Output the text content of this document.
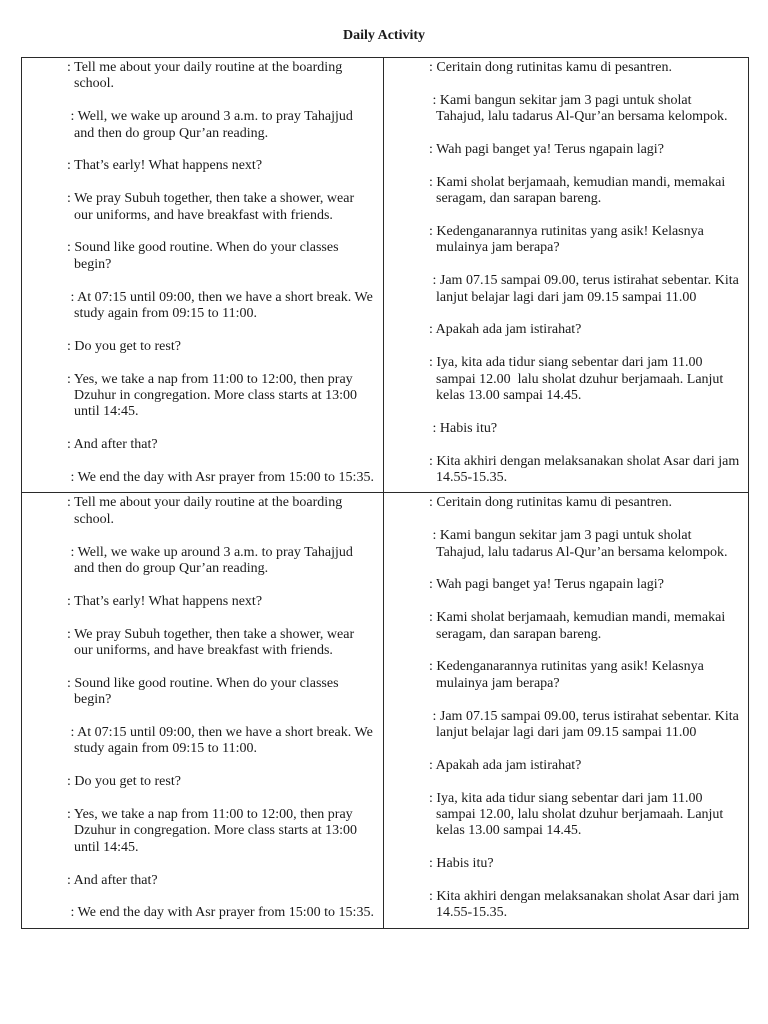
Daily Activity

: Tell me about your daily routine at the boarding school.

: Well, we wake up around 3 a.m. to pray Tahajjud and then do group Qur’an reading.

: That’s early! What happens next?

: We pray Subuh together, then take a shower, wear our uniforms, and have breakfast with friends.

: Sound like good routine. When do your classes begin?

: At 07:15 until 09:00, then we have a short break. We study again from 09:15 to 11:00.

: Do you get to rest?

: Yes, we take a nap from 11:00 to 12:00, then pray Dzuhur in congregation. More class starts at 13:00 until 14:45.

: And after that?

: We end the day with Asr prayer from 15:00 to 15:35.

: Ceritain dong rutinitas kamu di pesantren.

: Kami bangun sekitar jam 3 pagi untuk sholat Tahajud, lalu tadarus Al-Qur’an bersama kelompok.

: Wah pagi banget ya! Terus ngapain lagi?

: Kami sholat berjamaah, kemudian mandi, memakai seragam, dan sarapan bareng.

: Kedenganarannya rutinitas yang asik! Kelasnya mulainya jam berapa?

: Jam 07.15 sampai 09.00, terus istirahat sebentar. Kita lanjut belajar lagi dari jam 09.15 sampai 11.00

: Apakah ada jam istirahat?

: Iya, kita ada tidur siang sebentar dari jam 11.00 sampai 12.00  lalu sholat dzuhur berjamaah. Lanjut kelas 13.00 sampai 14.45.

: Habis itu?

: Kita akhiri dengan melaksanakan sholat Asar dari jam 14.55-15.35.

: Tell me about your daily routine at the boarding school.

: Well, we wake up around 3 a.m. to pray Tahajjud and then do group Qur’an reading.

: That’s early! What happens next?

: We pray Subuh together, then take a shower, wear our uniforms, and have breakfast with friends.

: Sound like good routine. When do your classes begin?

: At 07:15 until 09:00, then we have a short break. We study again from 09:15 to 11:00.

: Do you get to rest?

: Yes, we take a nap from 11:00 to 12:00, then pray Dzuhur in congregation. More class starts at 13:00 until 14:45.

: And after that?

: We end the day with Asr prayer from 15:00 to 15:35.

: Ceritain dong rutinitas kamu di pesantren.

: Kami bangun sekitar jam 3 pagi untuk sholat Tahajud, lalu tadarus Al-Qur’an bersama kelompok.

: Wah pagi banget ya! Terus ngapain lagi?

: Kami sholat berjamaah, kemudian mandi, memakai seragam, dan sarapan bareng.

: Kedenganarannya rutinitas yang asik! Kelasnya mulainya jam berapa?

: Jam 07.15 sampai 09.00, terus istirahat sebentar. Kita lanjut belajar lagi dari jam 09.15 sampai 11.00

: Apakah ada jam istirahat?

: Iya, kita ada tidur siang sebentar dari jam 11.00 sampai 12.00, lalu sholat dzuhur berjamaah. Lanjut kelas 13.00 sampai 14.45.

: Habis itu?

: Kita akhiri dengan melaksanakan sholat Asar dari jam 14.55-15.35.
